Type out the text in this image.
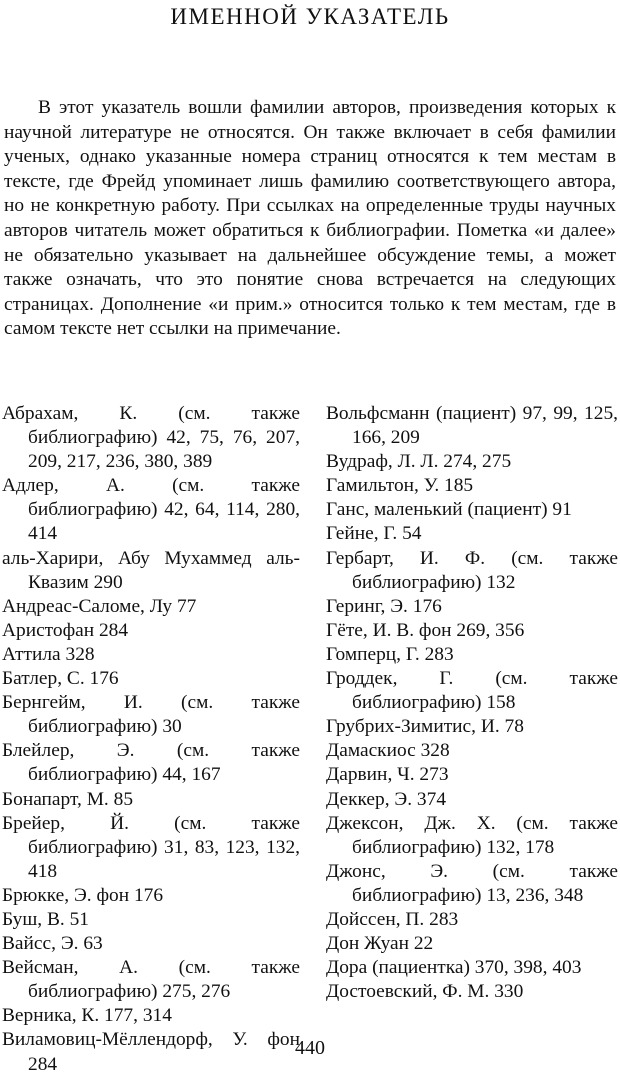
ИМЕННОЙ УКАЗАТЕЛЬ

В этот указатель вошли фамилии авторов, произведения которых к научной литературе не относятся. Он также включает в себя фамилии ученых, однако указанные номера страниц относятся к тем местам в тексте, где Фрейд упоминает лишь фамилию соответствующего автора, но не конкретную работу. При ссылках на определенные труды научных авторов читатель может обратиться к библиографии. Пометка «и далее» не обязательно указывает на дальнейшее обсуждение темы, а может также означать, что это понятие снова встречается на следующих страницах. Дополнение «и прим.» относится только к тем местам, где в самом тексте нет ссылки на примечание.

Абрахам, К. (см. также библиографию) 42, 75, 76, 207, 209, 217, 236, 380, 389
Адлер, А. (см. также библиографию) 42, 64, 114, 280, 414
аль-Харири, Абу Мухаммед аль-Квазим 290
Андреас-Саломе, Лу 77
Аристофан 284
Аттила 328
Батлер, С. 176
Бернгейм, И. (см. также библиографию) 30
Блейлер, Э. (см. также библиографию) 44, 167
Бонапарт, М. 85
Брейер, Й. (см. также библиографию) 31, 83, 123, 132, 418
Брюкке, Э. фон 176
Буш, В. 51
Вайсс, Э. 63
Вейсман, А. (см. также библиографию) 275, 276
Верника, К. 177, 314
Виламовиц-Мёллендорф, У. фон 284
Вольфсманн (пациент) 97, 99, 125, 166, 209
Вудраф, Л. Л. 274, 275
Гамильтон, У. 185
Ганс, маленький (пациент) 91
Гейне, Г. 54
Гербарт, И. Ф. (см. также библиографию) 132
Геринг, Э. 176
Гёте, И. В. фон 269, 356
Гомперц, Г. 283
Гроддек, Г. (см. также библиографию) 158
Грубрих-Зимитис, И. 78
Дамаскиос 328
Дарвин, Ч. 273
Деккер, Э. 374
Джексон, Дж. Х. (см. также библиографию) 132, 178
Джонс, Э. (см. также библиографию) 13, 236, 348
Дойссен, П. 283
Дон Жуан 22
Дора (пациентка) 370, 398, 403
Достоевский, Ф. М. 330
440
